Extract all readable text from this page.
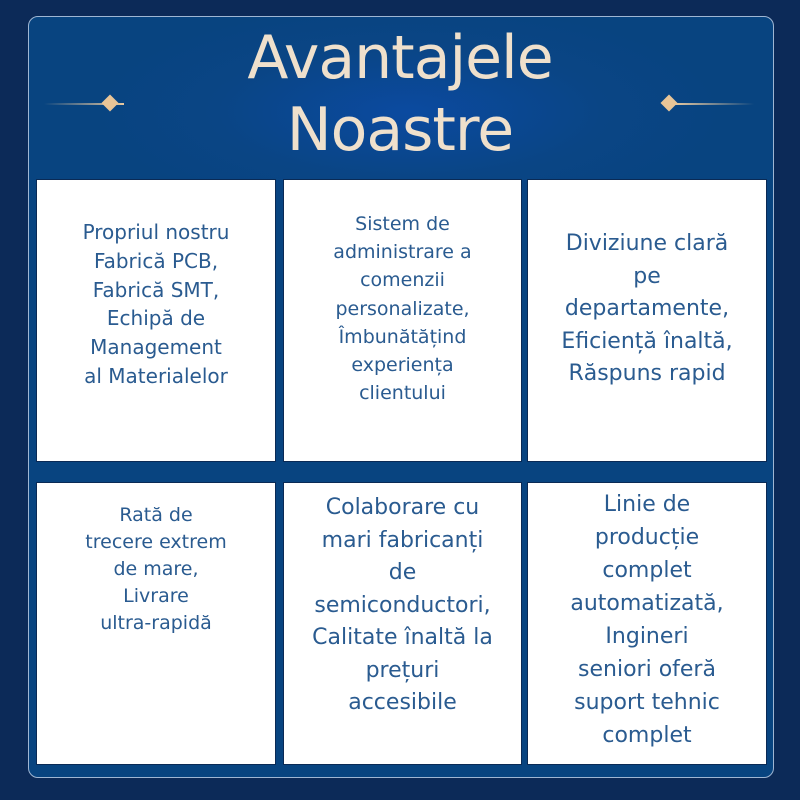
Avantajele
Noastre
Propriul nostru
Fabrică PCB,
Fabrică SMT,
Echipă de
Management
al Materialelor
Sistem de
administrare a
comenzii
personalizate,
Îmbunătățind
experiența
clientului
Diviziune clară
pe
departamente,
Eficiență înaltă,
Răspuns rapid
Rată de
trecere extrem
de mare,
Livrare
ultra-rapidă
Colaborare cu
mari fabricanți
de
semiconductori,
Calitate înaltă la
prețuri
accesibile
Linie de
producție
complet
automatizată,
Ingineri
seniori oferă
suport tehnic
complet
